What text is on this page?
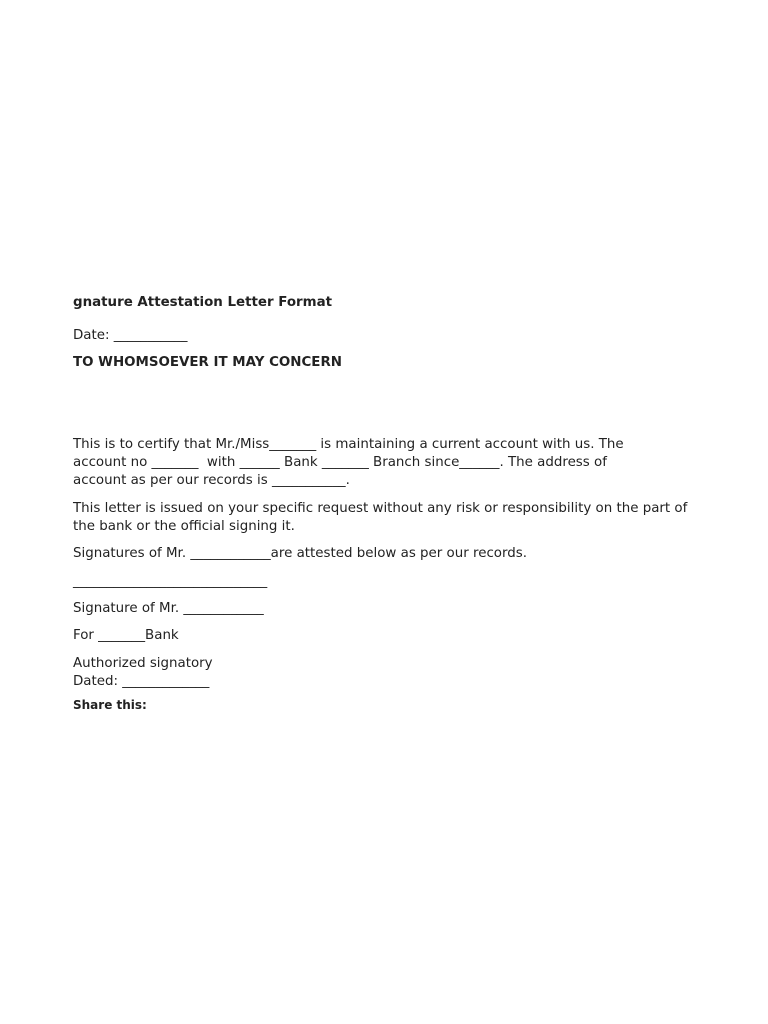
gnature Attestation Letter Format

Date: ___________

TO WHOMSOEVER IT MAY CONCERN

This is to certify that Mr./Miss_______ is maintaining a current account with us. The

account no _______  with ______ Bank _______ Branch since______. The address of

account as per our records is ___________.

This letter is issued on your specific request without any risk or responsibility on the part of

the bank or the official signing it.

Signatures of Mr. ____________are attested below as per our records.

_____________________________

Signature of Mr. ____________

For _______Bank

Authorized signatory

Dated: _____________

Share this:
